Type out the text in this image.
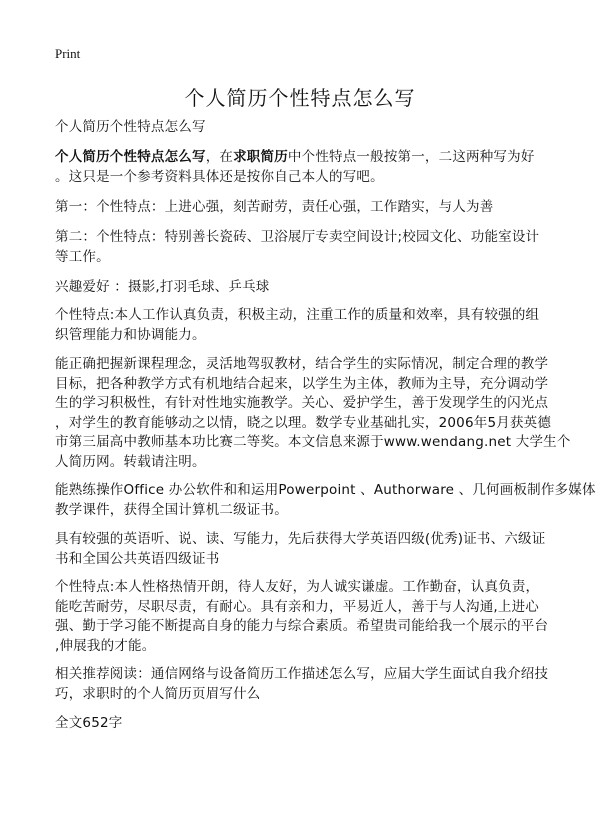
Print
个人简历个性特点怎么写
个人简历个性特点怎么写
个人简历个性特点怎么写，在求职简历中个性特点一般按第一，二这两种写为好
。这只是一个参考资料具体还是按你自己本人的写吧。
第一：个性特点：上进心强，刻苦耐劳，责任心强，工作踏实，与人为善
第二：个性特点：特别善长瓷砖、卫浴展厅专卖空间设计;校园文化、功能室设计
等工作。
兴趣爱好 ：摄影,打羽毛球、乒乓球
个性特点:本人工作认真负责，积极主动，注重工作的质量和效率，具有较强的组
织管理能力和协调能力。
能正确把握新课程理念，灵活地驾驭教材，结合学生的实际情况，制定合理的教学
目标，把各种教学方式有机地结合起来，以学生为主体，教师为主导，充分调动学
生的学习积极性，有针对性地实施教学。关心、爱护学生，善于发现学生的闪光点
，对学生的教育能够动之以情，晓之以理。数学专业基础扎实，2006年5月获英德
市第三届高中教师基本功比赛二等奖。本文信息来源于www.wendang.net 大学生个
人简历网。转载请注明。
能熟练操作Office 办公软件和和运用Powerpoint 、Authorware 、几何画板制作多媒体
教学课件，获得全国计算机二级证书。
具有较强的英语听、说、读、写能力，先后获得大学英语四级(优秀)证书、六级证
书和全国公共英语四级证书
个性特点:本人性格热情开朗，待人友好，为人诚实谦虚。工作勤奋，认真负责，
能吃苦耐劳，尽职尽责，有耐心。具有亲和力，平易近人，善于与人沟通,上进心
强、勤于学习能不断提高自身的能力与综合素质。希望贵司能给我一个展示的平台
,伸展我的才能。
相关推荐阅读：通信网络与设备简历工作描述怎么写，应届大学生面试自我介绍技
巧，求职时的个人简历页眉写什么
全文652字
